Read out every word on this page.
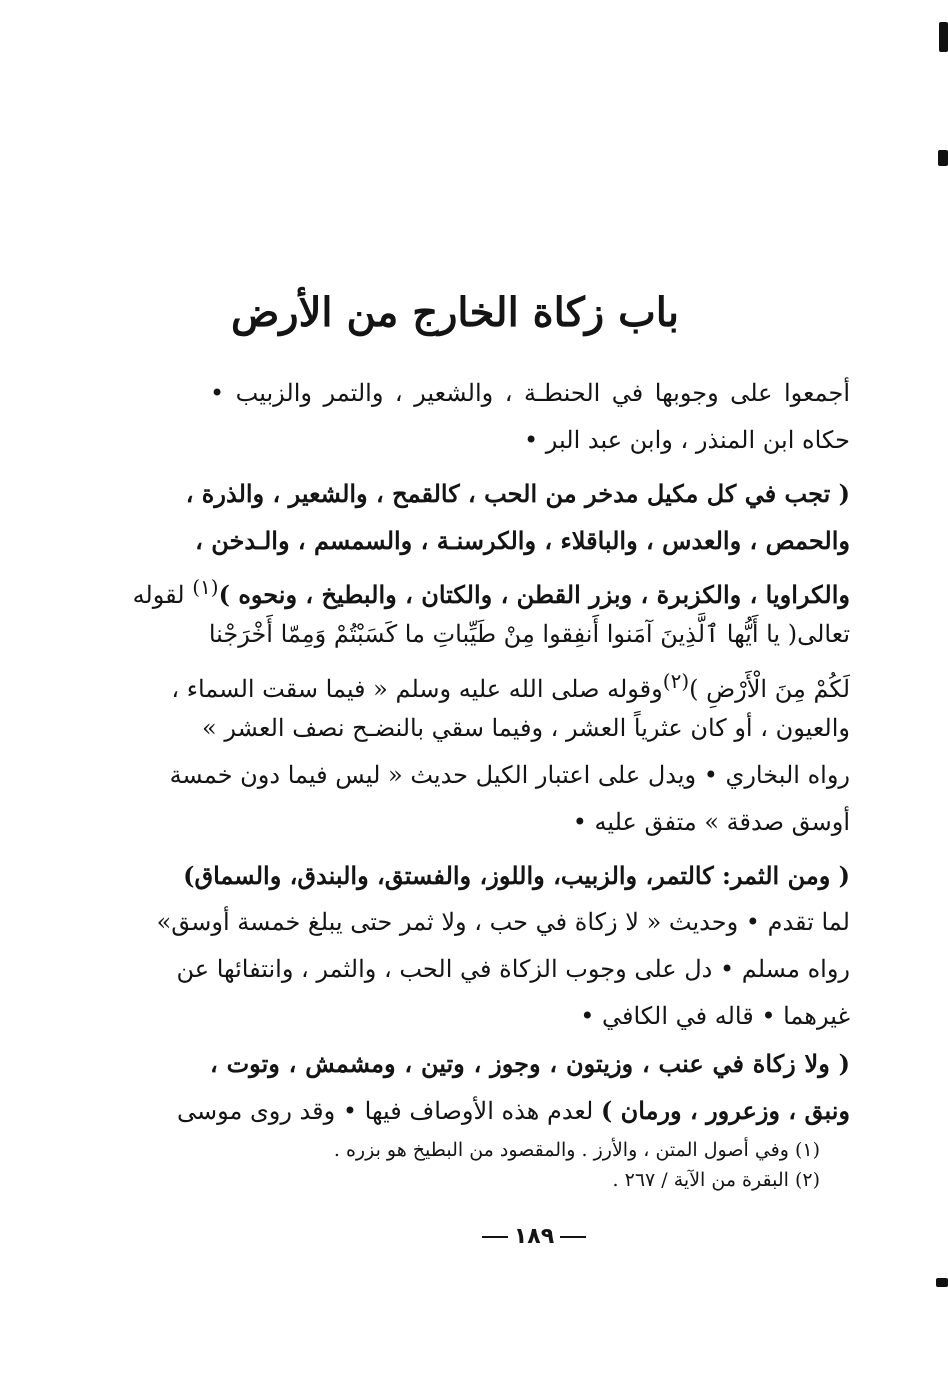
باب زكاة الخارج من الأرض
أجمعوا على وجوبها في الحنطـة ، والشعير ، والتمر والزبيب •
حكاه ابن المنذر ، وابن عبد البر •
( تجب في كل مكيل مدخر من الحب ، كالقمح ، والشعير ، والذرة ،
والحمص ، والعدس ، والباقلاء ، والكرسنـة ، والسمسم ، والـدخن ،
والكراويا ، والكزبرة ، وبزر القطن ، والكتان ، والبطيخ ، ونحوه )$^{(١)}$ لقوله
تعالى( يا أَيُّها ٱلَّذِينَ آمَنوا أَنفِقوا مِنْ طَيِّباتِ ما كَسَبْتُمْ وَمِمّا أَخْرَجْنا
لَكُمْ مِنَ الْأَرْضِ )$^{(٢)}$وقوله صلى الله عليه وسلم « فيما سقت السماء ،
والعيون ، أو كان عثرياً العشر ، وفيما سقي بالنضـح نصف العشر »
رواه البخاري • ويدل على اعتبار الكيل حديث « ليس فيما دون خمسة
أوسق صدقة » متفق عليه •
( ومن الثمر: كالتمر، والزبيب، واللوز، والفستق، والبندق، والسماق)
لما تقدم • وحديث « لا زكاة في حب ، ولا ثمر حتى يبلغ خمسة أوسق»
رواه مسلم • دل على وجوب الزكاة في الحب ، والثمر ، وانتفائها عن
غيرهما • قاله في الكافي •
( ولا زكاة في عنب ، وزيتون ، وجوز ، وتين ، ومشمش ، وتوت ،
ونبق ، وزعرور ، ورمان ) لعدم هذه الأوصاف فيها • وقد روى موسى
(١) وفي أصول المتن ، والأرز . والمقصود من البطيخ هو بزره .
(٢) البقرة من الآية / ٢٦٧ .
١٨٩
